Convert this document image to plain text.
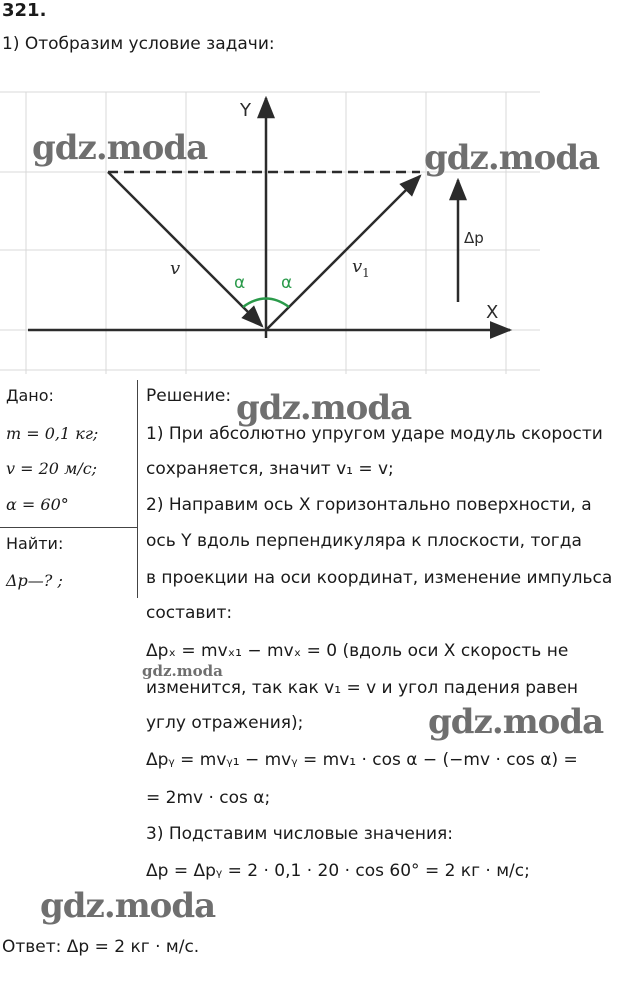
321.
1) Отобразим условие задачи:
Y
X
v	$v_1$
α α
Δp
Дано:
m = 0,1 кг;
v = 20 м/с;
α = 60°
Найти:
Δp—? ;
Решение:
1) При абсолютно упругом ударе модуль скорости
сохраняется, значит v₁ = v;
2) Направим ось X горизонтально поверхности, а
ось Y вдоль перпендикуляра к плоскости, тогда
в проекции на оси координат, изменение импульса
составит:
Δpₓ = mvₓ₁ − mvₓ = 0 (вдоль оси X скорость не
изменится, так как v₁ = v и угол падения равен
углу отражения);
Δpᵧ = mvᵧ₁ − mvᵧ = mv₁ · cos α − (−mv · cos α) =
= 2mv · cos α;
3) Подставим числовые значения:
Δp = Δpᵧ = 2 · 0,1 · 20 · cos 60° = 2 кг · м/с;
Ответ: Δp = 2 кг · м/с.
gdz.moda	gdz.moda
gdz.moda
gdz.moda
gdz.moda
gdz.moda
